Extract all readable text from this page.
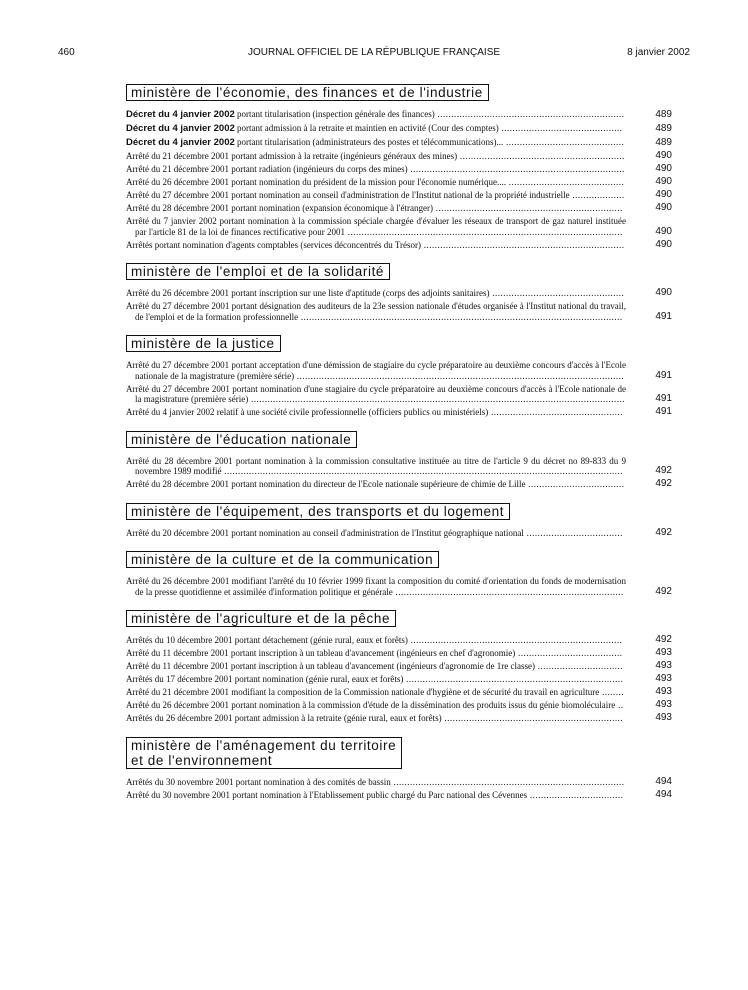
460	JOURNAL OFFICIEL DE LA RÉPUBLIQUE FRANÇAISE	8 janvier 2002
ministère de l'économie, des finances et de l'industrie
Décret du 4 janvier 2002 portant titularisation (inspection générale des finances) ....................................................................	489
Décret du 4 janvier 2002 portant admission à la retraite et maintien en activité (Cour des comptes) ............................................	489
Décret du 4 janvier 2002 portant titularisation (administrateurs des postes et télécommunications)... ...........................................	489
Arrêté du 21 décembre 2001 portant admission à la retraite (ingénieurs généraux des mines) ............................................................	490
Arrêté du 21 décembre 2001 portant radiation (ingénieurs du corps des mines) ..............................................................................	490
Arrêté du 26 décembre 2001 portant nomination du président de la mission pour l'économie numérique.... ..........................................	490
Arrêté du 27 décembre 2001 portant nomination au conseil d'administration de l'Institut national de la propriété industrielle ...................	490
Arrêté du 28 décembre 2001 portant nomination (expansion économique à l'étranger) ....................................................................	490
Arrêté du 7 janvier 2002 portant nomination à la commission spéciale chargée d'évaluer les réseaux de transport de gaz naturel instituée par l'article 81 de la loi de finances rectificative pour 2001 ....................................................................................................	490
Arrêtés portant nomination d'agents comptables (services déconcentrés du Trésor) .........................................................................	490
ministère de l'emploi et de la solidarité
Arrêté du 26 décembre 2001 portant inscription sur une liste d'aptitude (corps des adjoints sanitaires) ................................................	490
Arrêté du 27 décembre 2001 portant désignation des auditeurs de la 23e session nationale d'études organisée à l'Institut national du travail, de l'emploi et de la formation professionnelle .....................................................................................................................	491
ministère de la justice
Arrêté du 27 décembre 2001 portant acceptation d'une démission de stagiaire du cycle préparatoire au deuxième concours d'accès à l'Ecole nationale de la magistrature (première série) .......................................................................................................................	491
Arrêté du 27 décembre 2001 portant nomination d'une stagiaire du cycle préparatoire au deuxième concours d'accès à l'Ecole nationale de la magistrature (première série) ........................................................................................................................................	491
Arrêté du 4 janvier 2002 relatif à une société civile professionnelle (officiers publics ou ministériels) ................................................	491
ministère de l'éducation nationale
Arrêté du 28 décembre 2001 portant nomination à la commission consultative instituée au titre de l'article 9 du décret no 89-833 du 9 novembre 1989 modifié .................................................................................................................................................	492
Arrêté du 28 décembre 2001 portant nomination du directeur de l'Ecole nationale supérieure de chimie de Lille ...................................	492
ministère de l'équipement, des transports et du logement
Arrêté du 20 décembre 2001 portant nomination au conseil d'administration de l'Institut géographique national ...................................	492
ministère de la culture et de la communication
Arrêté du 26 décembre 2001 modifiant l'arrêté du 10 février 1999 fixant la composition du comité d'orientation du fonds de modernisation de la presse quotidienne et assimilée d'information politique et générale ...................................................................................	492
ministère de l'agriculture et de la pêche
Arrêtés du 10 décembre 2001 portant détachement (génie rural, eaux et forêts) .............................................................................	492
Arrêté du 11 décembre 2001 portant inscription à un tableau d'avancement (ingénieurs en chef d'agronomie) ......................................	493
Arrêté du 11 décembre 2001 portant inscription à un tableau d'avancement (ingénieurs d'agronomie de 1re classe) ...............................	493
Arrêtés du 17 décembre 2001 portant nomination (génie rural, eaux et forêts) ...............................................................................	493
Arrêté du 21 décembre 2001 modifiant la composition de la Commission nationale d'hygiène et de sécurité du travail en agriculture ........	493
Arrêté du 26 décembre 2001 portant nomination à la commission d'étude de la dissémination des produits issus du génie biomoléculaire ..	493
Arrêtés du 26 décembre 2001 portant admission à la retraite (génie rural, eaux et forêts) .................................................................	493
ministère de l'aménagement du territoire
et de l'environnement
Arrêtés du 30 novembre 2001 portant nomination à des comités de bassin ....................................................................................	494
Arrêté du 30 novembre 2001 portant nomination à l'Etablissement public chargé du Parc national des Cévennes ..................................	494
